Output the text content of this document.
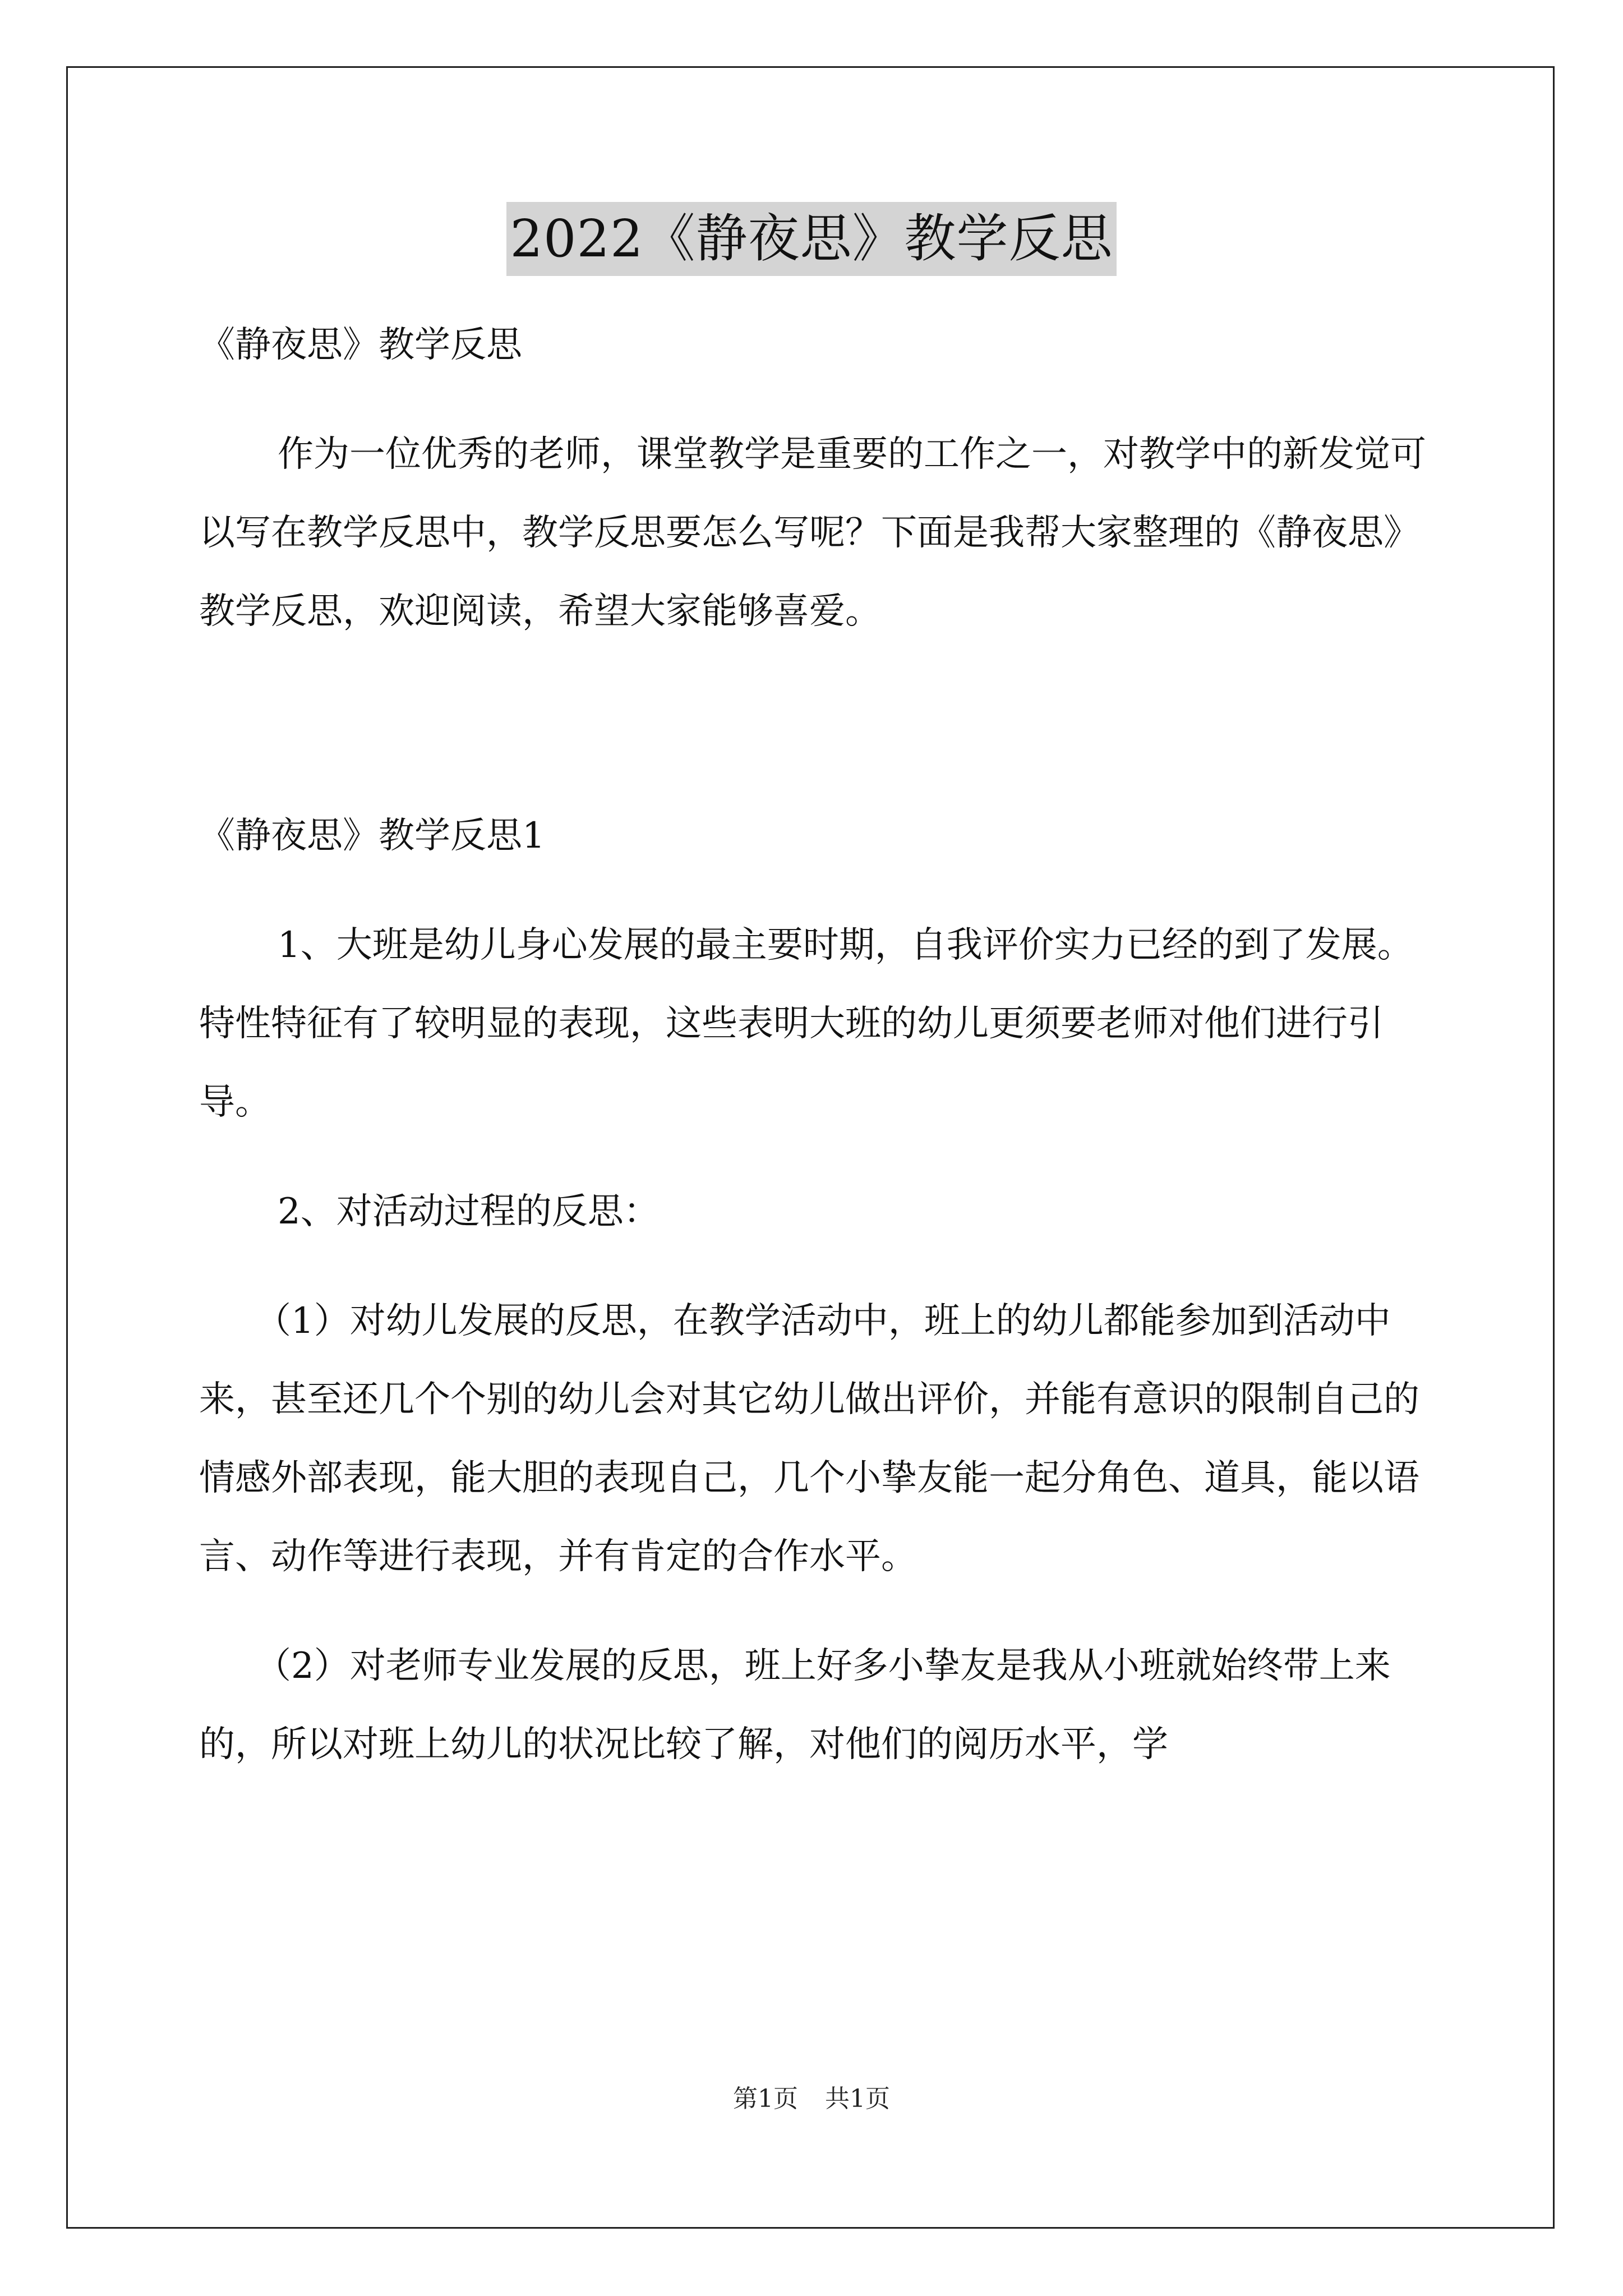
2022《静夜思》教学反思

《静夜思》教学反思

作为一位优秀的老师，课堂教学是重要的工作之一，对教学中的新发觉可以写在教学反思中，教学反思要怎么写呢？下面是我帮大家整理的《静夜思》教学反思，欢迎阅读，希望大家能够喜爱。

《静夜思》教学反思1

1、大班是幼儿身心发展的最主要时期，自我评价实力已经的到了发展。特性特征有了较明显的表现，这些表明大班的幼儿更须要老师对他们进行引导。

2、对活动过程的反思：

（1）对幼儿发展的反思，在教学活动中，班上的幼儿都能参加到活动中来，甚至还几个个别的幼儿会对其它幼儿做出评价，并能有意识的限制自己的情感外部表现，能大胆的表现自己，几个小挚友能一起分角色、道具，能以语言、动作等进行表现，并有肯定的合作水平。

（2）对老师专业发展的反思，班上好多小挚友是我从小班就始终带上来的，所以对班上幼儿的状况比较了解，对他们的阅历水平，学

第1页 共1页
